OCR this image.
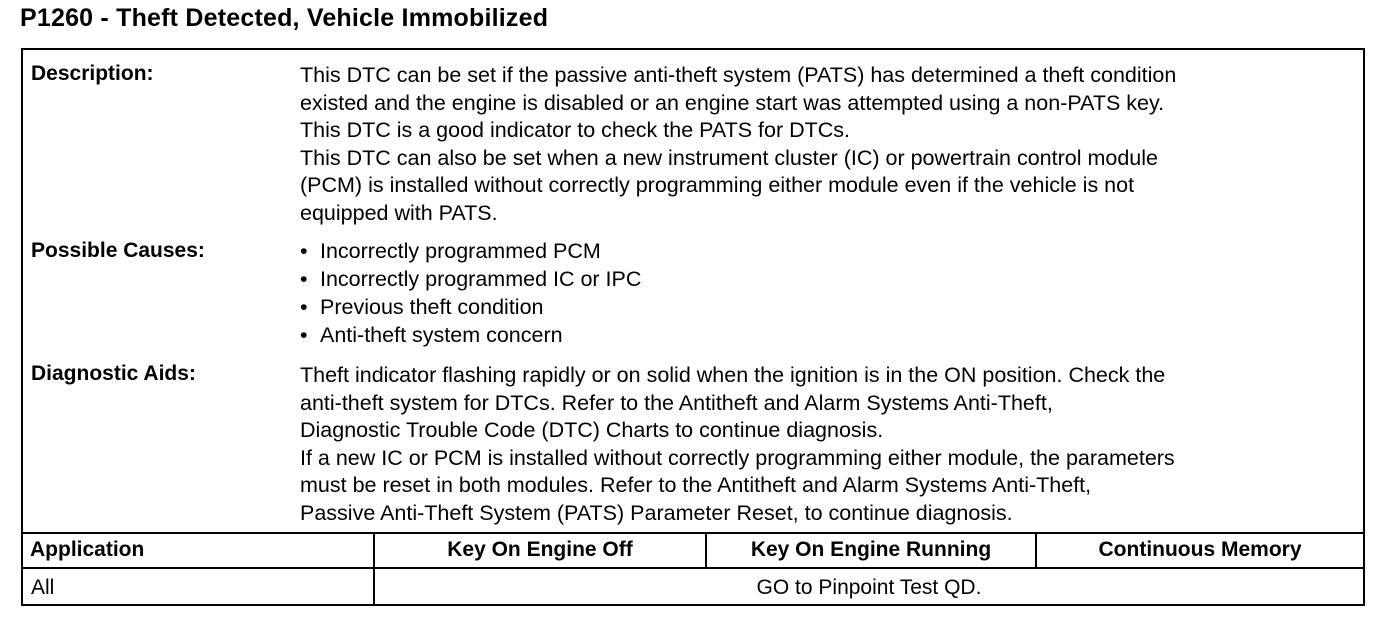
P1260 - Theft Detected, Vehicle Immobilized
Description:	This DTC can be set if the passive anti-theft system (PATS) has determined a theft condition

existed and the engine is disabled or an engine start was attempted using a non-PATS key.

This DTC is a good indicator to check the PATS for DTCs.

This DTC can also be set when a new instrument cluster (IC) or powertrain control module

(PCM) is installed without correctly programming either module even if the vehicle is not

equipped with PATS.

Possible Causes:	• Incorrectly programmed PCM
• Incorrectly programmed IC or IPC
• Previous theft condition
• Anti-theft system concern
Diagnostic Aids:	Theft indicator flashing rapidly or on solid when the ignition is in the ON position. Check the

anti-theft system for DTCs. Refer to the Antitheft and Alarm Systems Anti-Theft,

Diagnostic Trouble Code (DTC) Charts to continue diagnosis.

If a new IC or PCM is installed without correctly programming either module, the parameters

must be reset in both modules. Refer to the Antitheft and Alarm Systems Anti-Theft,

Passive Anti-Theft System (PATS) Parameter Reset, to continue diagnosis.

Application	Key On Engine Off	Key On Engine Running	Continuous Memory
All	GO to Pinpoint Test QD.
